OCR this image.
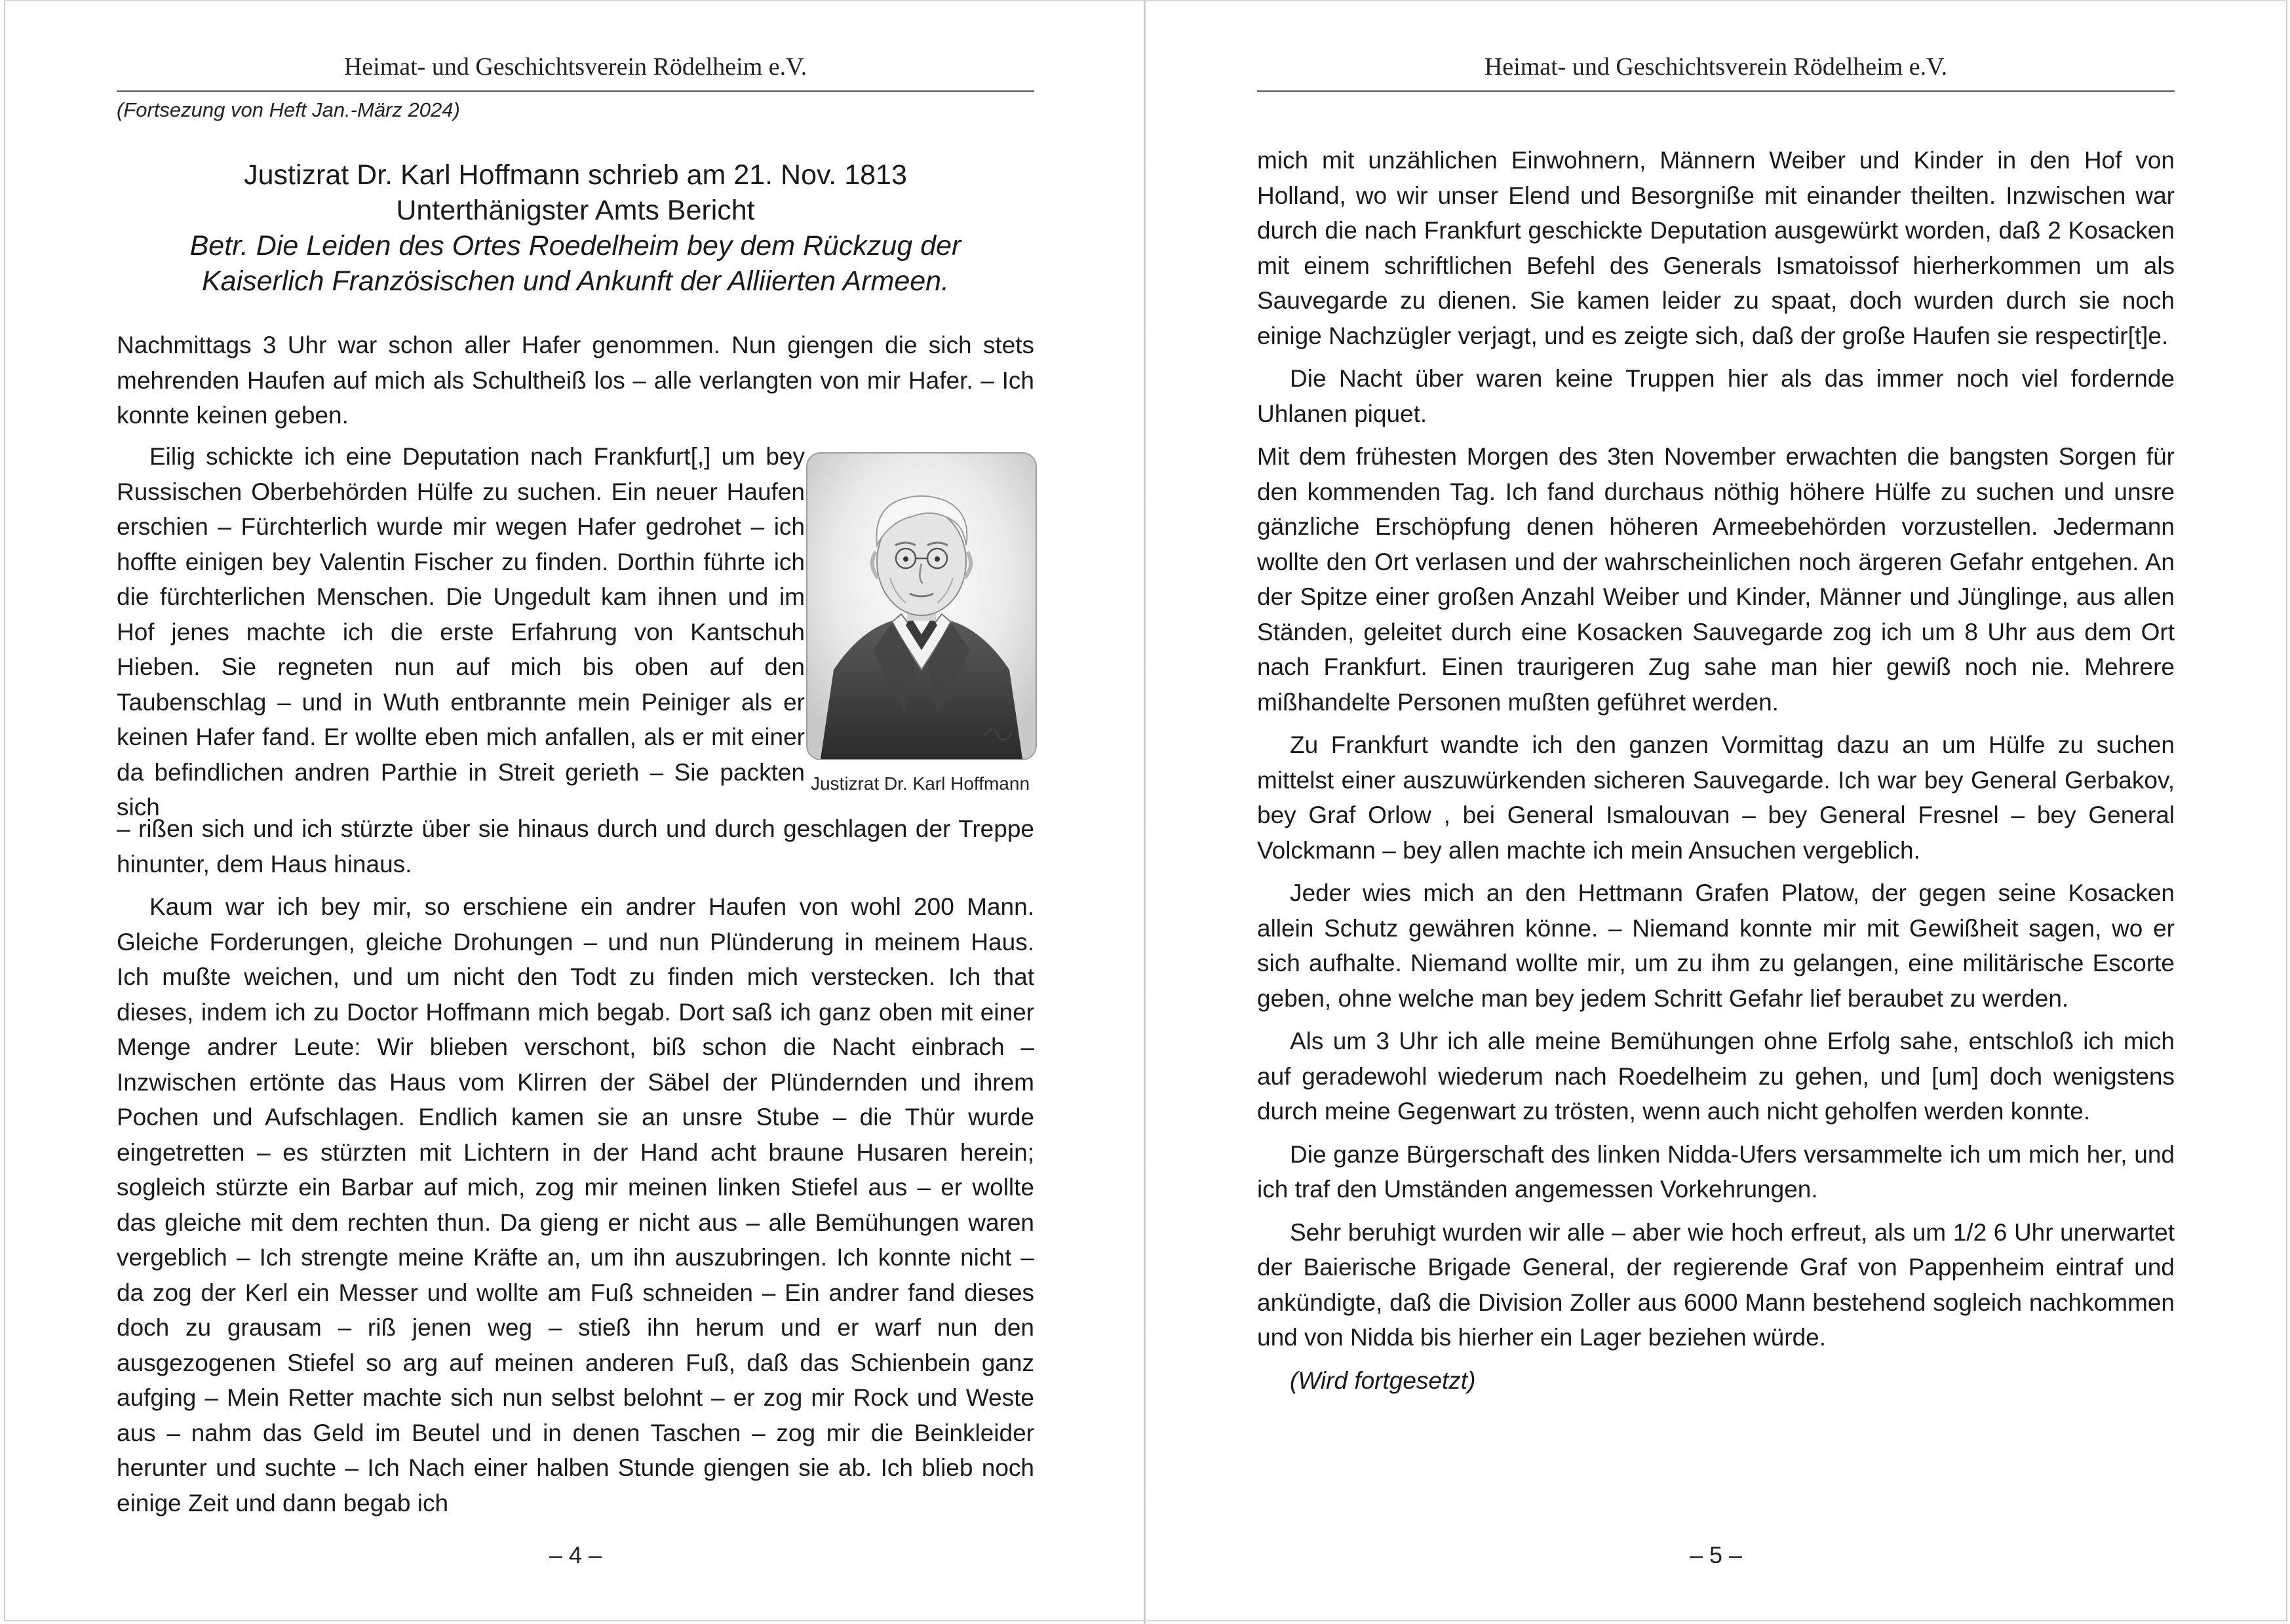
Heimat- und Geschichtsverein Rödelheim e.V.
(Fortsezung von Heft Jan.-März 2024)
Justizrat Dr. Karl Hoffmann schrieb am 21. Nov. 1813
Unterthänigster Amts Bericht
Betr. Die Leiden des Ortes Roedelheim bey dem Rückzug der
Kaiserlich Französischen und Ankunft der Alliierten Armeen.

Nachmittags 3 Uhr war schon aller Hafer genommen. Nun giengen die sich stets mehrenden Haufen auf mich als Schultheiß los – alle verlangten von mir Hafer. – Ich konnte keinen geben.

Eilig schickte ich eine Deputation nach Frankfurt[,] um bey Russischen Oberbehörden Hülfe zu suchen. Ein neuer Haufen erschien – Fürchterlich wurde mir wegen Hafer gedrohet – ich hoffte einigen bey Valentin Fischer zu finden. Dorthin führte ich die fürchterlichen Menschen. Die Ungedult kam ihnen und im Hof jenes machte ich die erste Erfahrung von Kantschuh Hieben. Sie regneten nun auf mich bis oben auf den Taubenschlag – und in Wuth entbrannte mein Peiniger als er keinen Hafer fand. Er wollte eben mich anfallen, als er mit einer da befindlichen andren Parthie in Streit gerieth – Sie packten sich

Justizrat Dr. Karl Hoffmann

– rißen sich und ich stürzte über sie hinaus durch und durch geschlagen der Treppe hinunter, dem Haus hinaus.

Kaum war ich bey mir, so erschiene ein andrer Haufen von wohl 200 Mann. Gleiche Forderungen, gleiche Drohungen – und nun Plünderung in meinem Haus. Ich mußte weichen, und um nicht den Todt zu finden mich verstecken. Ich that dieses, indem ich zu Doctor Hoffmann mich begab. Dort saß ich ganz oben mit einer Menge andrer Leute: Wir blieben verschont, biß schon die Nacht einbrach – Inzwischen ertönte das Haus vom Klirren der Säbel der Plündernden und ihrem Pochen und Aufschlagen. Endlich kamen sie an unsre Stube – die Thür wurde eingetretten – es stürzten mit Lichtern in der Hand acht braune Husaren herein; sogleich stürzte ein Barbar auf mich, zog mir meinen linken Stiefel aus – er wollte das gleiche mit dem rechten thun. Da gieng er nicht aus – alle Bemühungen waren vergeblich – Ich strengte meine Kräfte an, um ihn auszubringen. Ich konnte nicht – da zog der Kerl ein Messer und wollte am Fuß schneiden – Ein andrer fand dieses doch zu grausam – riß jenen weg – stieß ihn herum und er warf nun den ausgezogenen Stiefel so arg auf meinen anderen Fuß, daß das Schienbein ganz aufging – Mein Retter machte sich nun selbst belohnt – er zog mir Rock und Weste aus – nahm das Geld im Beutel und in denen Taschen – zog mir die Beinkleider herunter und suchte – Ich Nach einer halben Stunde giengen sie ab. Ich blieb noch einige Zeit und dann begab ich

– 4 –
Heimat- und Geschichtsverein Rödelheim e.V.

mich mit unzählichen Einwohnern, Männern Weiber und Kinder in den Hof von Holland, wo wir unser Elend und Besorgniße mit einander theilten. Inzwischen war durch die nach Frankfurt geschickte Deputation ausgewürkt worden, daß 2 Kosacken mit einem schriftlichen Befehl des Generals Ismatoissof hierherkommen um als Sauvegarde zu dienen. Sie kamen leider zu spaat, doch wurden durch sie noch einige Nachzügler verjagt, und es zeigte sich, daß der große Haufen sie respectir[t]e.

Die Nacht über waren keine Truppen hier als das immer noch viel fordernde Uhlanen piquet.

Mit dem frühesten Morgen des 3ten November erwachten die bangsten Sorgen für den kommenden Tag. Ich fand durchaus nöthig höhere Hülfe zu suchen und unsre gänzliche Erschöpfung denen höheren Armeebehörden vorzustellen. Jedermann wollte den Ort verlasen und der wahrscheinlichen noch ärgeren Gefahr entgehen. An der Spitze einer großen Anzahl Weiber und Kinder, Männer und Jünglinge, aus allen Ständen, geleitet durch eine Kosacken Sauvegarde zog ich um 8 Uhr aus dem Ort nach Frankfurt. Einen traurigeren Zug sahe man hier gewiß noch nie. Mehrere mißhandelte Personen mußten geführet werden.

Zu Frankfurt wandte ich den ganzen Vormittag dazu an um Hülfe zu suchen mittelst einer auszuwürkenden sicheren Sauvegarde. Ich war bey General Gerbakov, bey Graf Orlow , bei General Ismalouvan – bey General Fresnel – bey General Volckmann – bey allen machte ich mein Ansuchen vergeblich.

Jeder wies mich an den Hettmann Grafen Platow, der gegen seine Kosacken allein Schutz gewähren könne. – Niemand konnte mir mit Gewißheit sagen, wo er sich aufhalte. Niemand wollte mir, um zu ihm zu gelangen, eine militärische Escorte geben, ohne welche man bey jedem Schritt Gefahr lief beraubet zu werden.

Als um 3 Uhr ich alle meine Bemühungen ohne Erfolg sahe, entschloß ich mich auf geradewohl wiederum nach Roedelheim zu gehen, und [um] doch wenigstens durch meine Gegenwart zu trösten, wenn auch nicht geholfen werden konnte.

Die ganze Bürgerschaft des linken Nidda-Ufers versammelte ich um mich her, und ich traf den Umständen angemessen Vorkehrungen.

Sehr beruhigt wurden wir alle – aber wie hoch erfreut, als um 1/2 6 Uhr unerwartet der Baierische Brigade General, der regierende Graf von Pappenheim eintraf und ankündigte, daß die Division Zoller aus 6000 Mann bestehend sogleich nachkommen und von Nidda bis hierher ein Lager beziehen würde.

(Wird fortgesetzt)

– 5 –
